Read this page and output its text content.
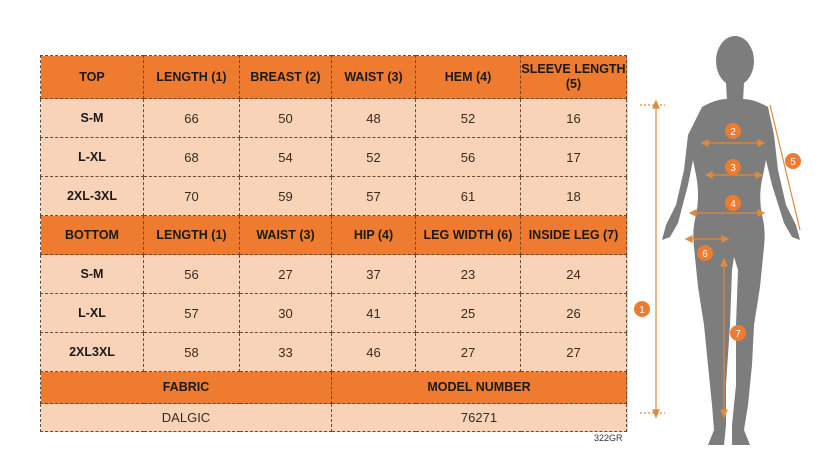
TOP	LENGTH (1)	BREAST (2)	WAIST (3)	HEM (4)	SLEEVE LENGTH (5)
S-M	66	50	48	52	16
L-XL	68	54	52	56	17
2XL-3XL	70	59	57	61	18
BOTTOM	LENGTH (1)	WAIST (3)	HIP (4)	LEG WIDTH (6)	INSIDE LEG (7)
S-M	56	27	37	23	24
L-XL	57	30	41	25	26
2XL3XL	58	33	46	27	27
FABRIC			MODEL NUMBER		
DALGIC			76271		
322GR
1
2
3
4
5
6
7
